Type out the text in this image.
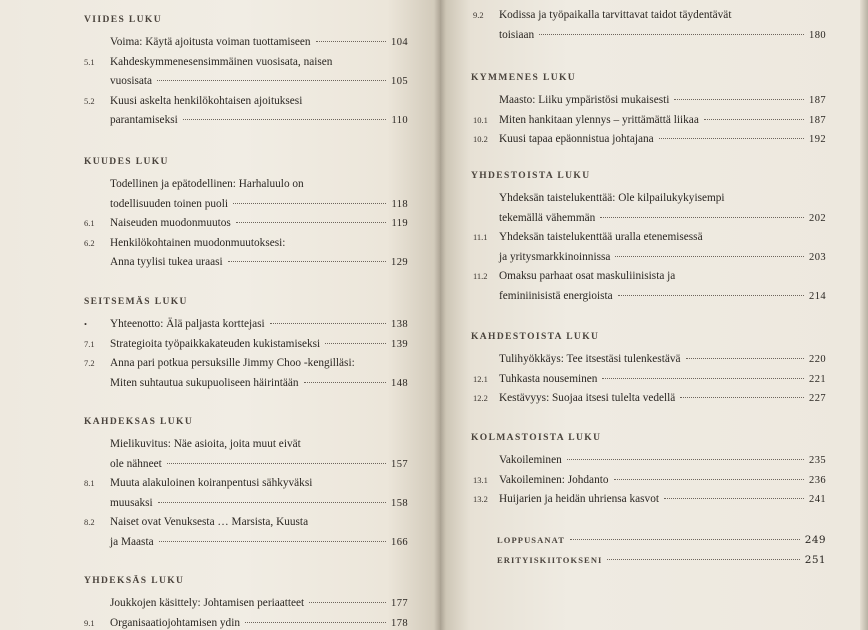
VIIDES LUKU
Voima: Käytä ajoitusta voiman tuottamiseen	104
5.1 Kahdeskymmenesensimmäinen vuosisata, naisen
vuosisata	105
5.2 Kuusi askelta henkilökohtaisen ajoituksesi
parantamiseksi	110
KUUDES LUKU
Todellinen ja epätodellinen: Harhaluulo on
todellisuuden toinen puoli	118
6.1 Naiseuden muodonmuutos	119
6.2 Henkilökohtainen muodonmuutoksesi:
Anna tyylisi tukea uraasi	129
SEITSEMÄS LUKU
• Yhteenotto: Älä paljasta korttejasi	138
7.1 Strategioita työpaikkakateuden kukistamiseksi	139
7.2 Anna pari potkua persuksille Jimmy Choo -kengilläsi:
Miten suhtautua sukupuoliseen häirintään	148
KAHDEKSAS LUKU
Mielikuvitus: Näe asioita, joita muut eivät
ole nähneet	157
8.1 Muuta alakuloinen koiranpentusi sähkyväksi
muusaksi	158
8.2 Naiset ovat Venuksesta … Marsista, Kuusta
ja Maasta	166
YHDEKSÄS LUKU
Joukkojen käsittely: Johtamisen periaatteet	177
9.1 Organisaatiojohtamisen ydin	178
9.2 Kodissa ja työpaikalla tarvittavat taidot täydentävät
toisiaan	180
KYMMENES LUKU
Maasto: Liiku ympäristösi mukaisesti	187
10.1 Miten hankitaan ylennys – yrittämättä liikaa	187
10.2 Kuusi tapaa epäonnistua johtajana	192
YHDESTOISTA LUKU
Yhdeksän taistelukenttää: Ole kilpailukykyisempi
tekemällä vähemmän	202
11.1 Yhdeksän taistelukenttää uralla etenemisessä
ja yritysmarkkinoinnissa	203
11.2 Omaksu parhaat osat maskuliinisista ja
feminiinisistä energioista	214
KAHDESTOISTA LUKU
Tulihyökkäys: Tee itsestäsi tulenkestävä	220
12.1 Tuhkasta nouseminen	221
12.2 Kestävyys: Suojaa itsesi tulelta vedellä	227
KOLMASTOISTA LUKU
Vakoileminen	235
13.1 Vakoileminen: Johdanto	236
13.2 Huijarien ja heidän uhriensa kasvot	241
LOPPUSANAT	249
ERITYISKIITOKSENI	251
